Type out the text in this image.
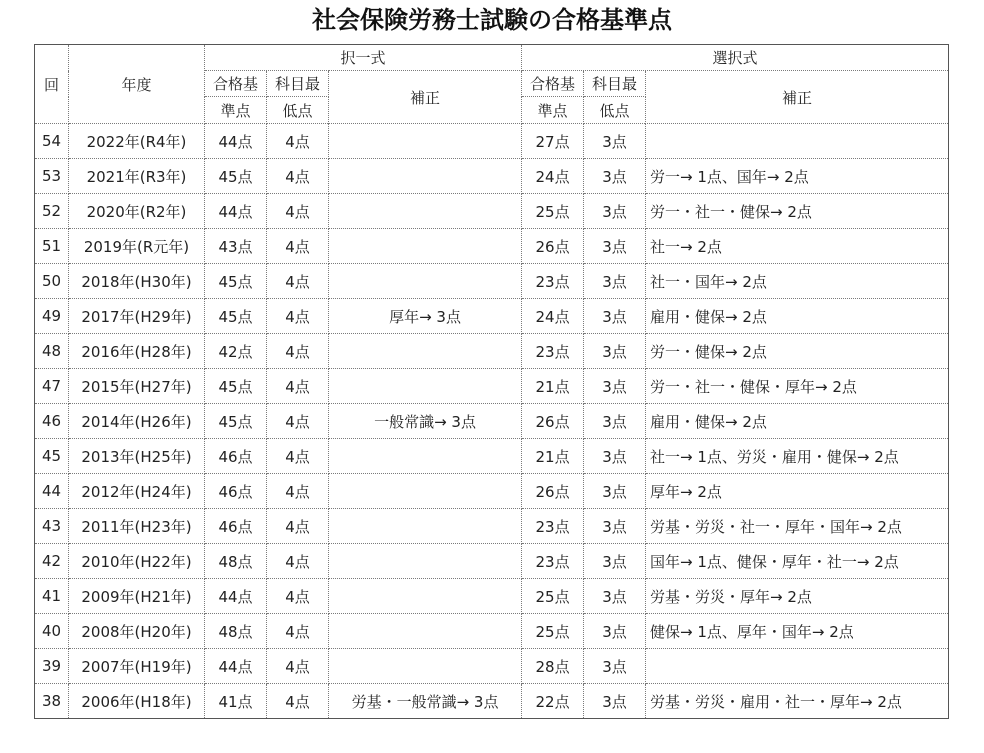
社会保険労務士試験の合格基準点
回	年度	択一式			選択式		
		合格基	科目最	補正	合格基	科目最	補正
		準点	低点		準点	低点	
54	2022年(R4年)	44点	4点		27点	3点	
53	2021年(R3年)	45点	4点		24点	3点	労一→ 1点、国年→ 2点
52	2020年(R2年)	44点	4点		25点	3点	労一・社一・健保→ 2点
51	2019年(R元年)	43点	4点		26点	3点	社一→ 2点
50	2018年(H30年)	45点	4点		23点	3点	社一・国年→ 2点
49	2017年(H29年)	45点	4点	厚年→ 3点	24点	3点	雇用・健保→ 2点
48	2016年(H28年)	42点	4点		23点	3点	労一・健保→ 2点
47	2015年(H27年)	45点	4点		21点	3点	労一・社一・健保・厚年→ 2点
46	2014年(H26年)	45点	4点	一般常識→ 3点	26点	3点	雇用・健保→ 2点
45	2013年(H25年)	46点	4点		21点	3点	社一→ 1点、労災・雇用・健保→ 2点
44	2012年(H24年)	46点	4点		26点	3点	厚年→ 2点
43	2011年(H23年)	46点	4点		23点	3点	労基・労災・社一・厚年・国年→ 2点
42	2010年(H22年)	48点	4点		23点	3点	国年→ 1点、健保・厚年・社一→ 2点
41	2009年(H21年)	44点	4点		25点	3点	労基・労災・厚年→ 2点
40	2008年(H20年)	48点	4点		25点	3点	健保→ 1点、厚年・国年→ 2点
39	2007年(H19年)	44点	4点		28点	3点	
38	2006年(H18年)	41点	4点	労基・一般常識→ 3点	22点	3点	労基・労災・雇用・社一・厚年→ 2点
